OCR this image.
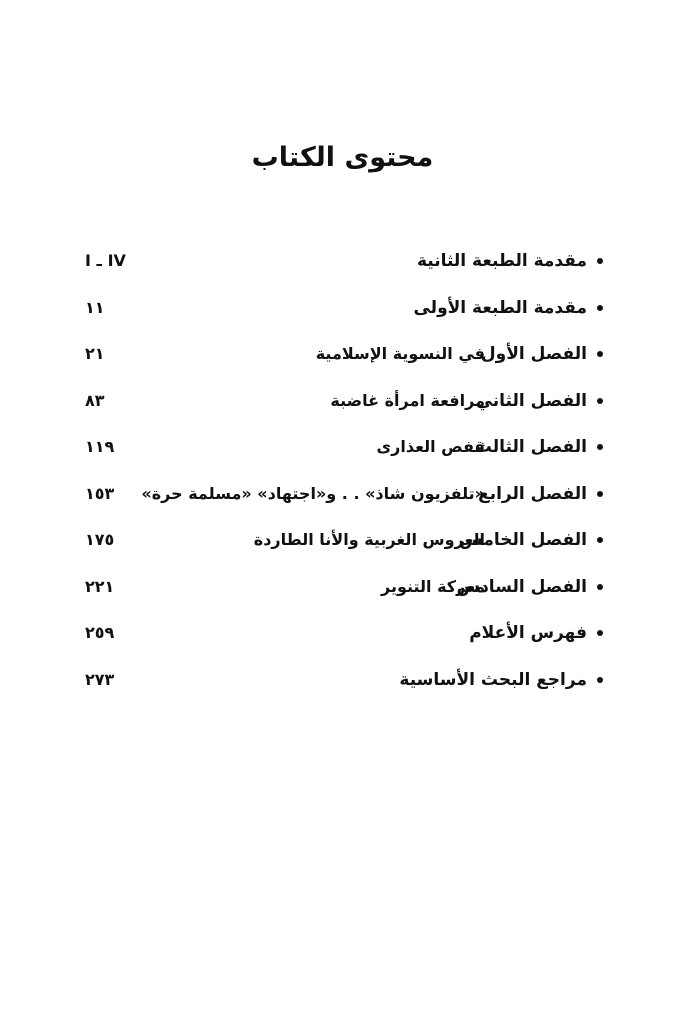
محتوى الكتاب
مقدمة الطبعة الثانية
I ـ IV
مقدمة الطبعة الأولى
١١
الفصل الأول
في النسوية الإسلامية
٢١
الفصل الثاني
مرافعة امرأة غاضبة
٨٣
الفصل الثالث
قفص العذارى
١١٩
الفصل الرابع
«تلفزيون شاذ» . . و«اجتهاد» «مسلمة حرة»
١٥٣
الفصل الخامس
العروس الغربية والأنا الطاردة
١٧٥
الفصل السادس
معركة التنوير
٢٢١
فهرس الأعلام
٢٥٩
مراجع البحث الأساسية
٢٧٣
